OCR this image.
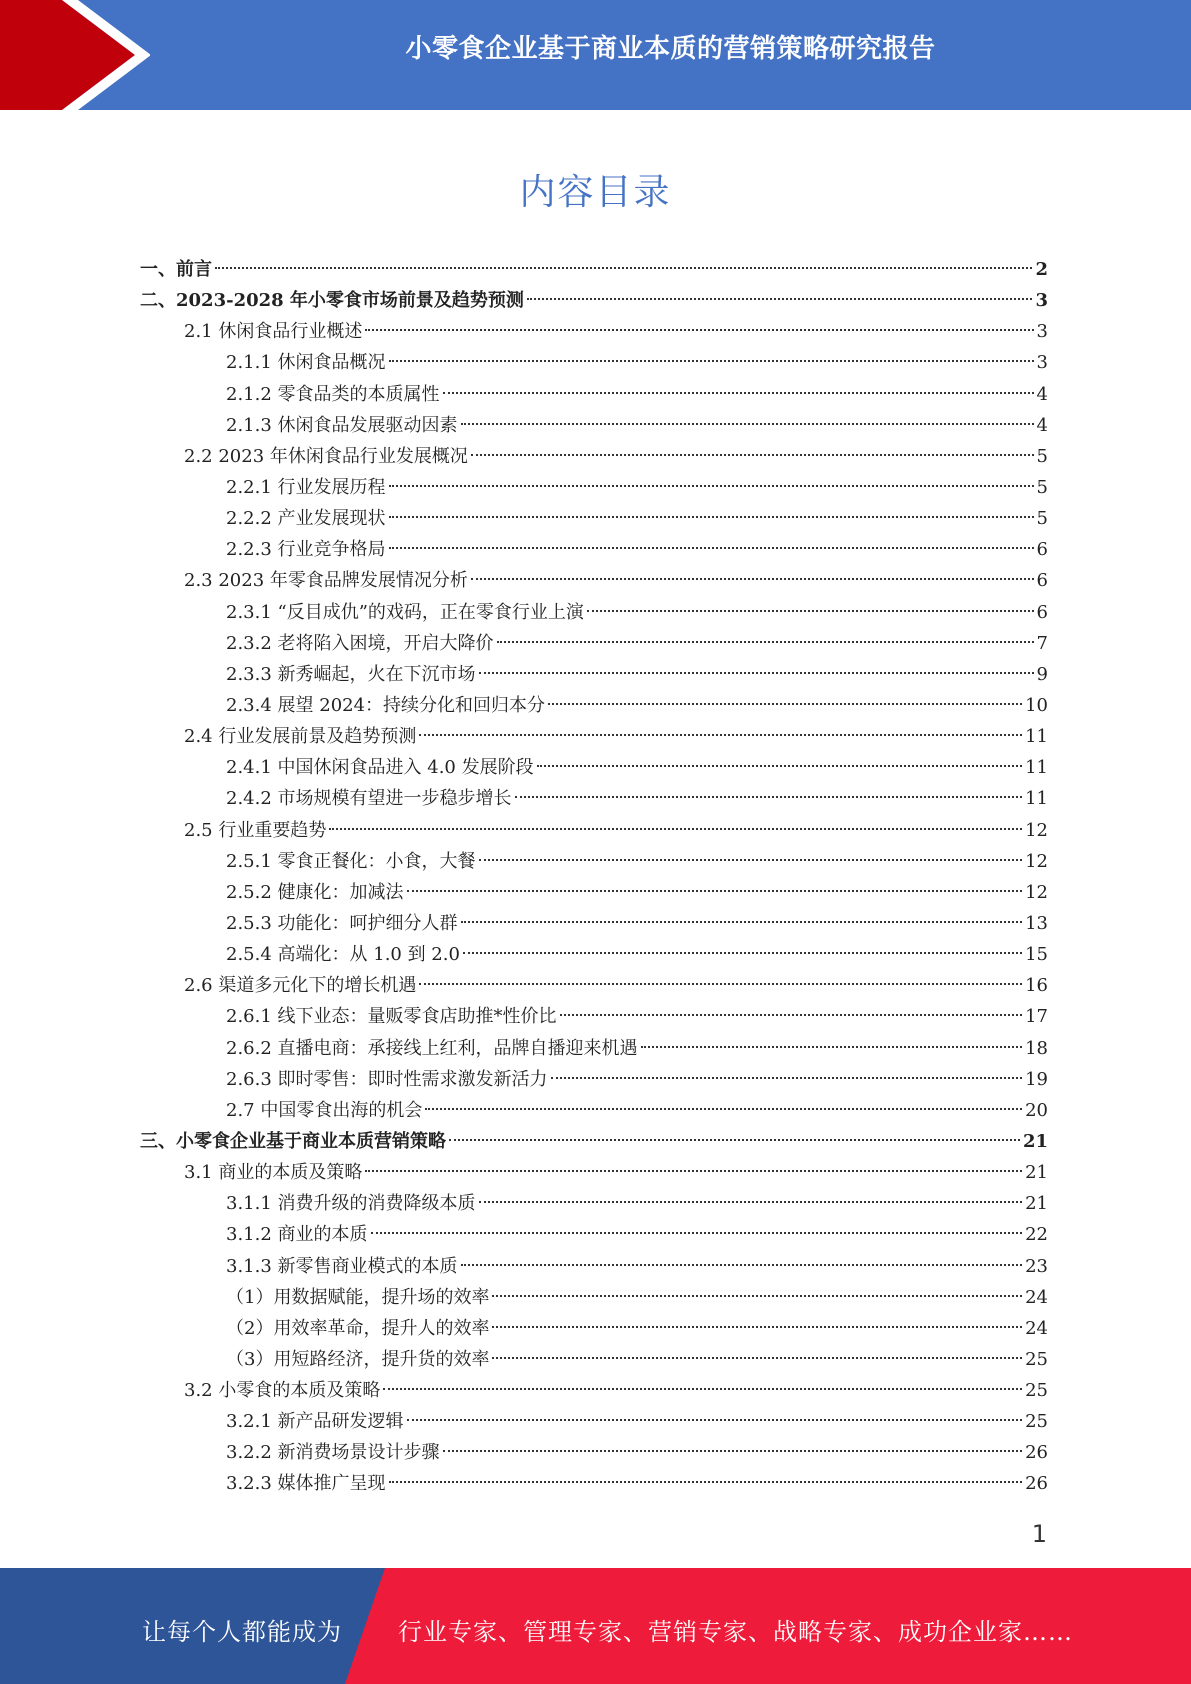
小零食企业基于商业本质的营销策略研究报告
内容目录
一、前言	2
二、2023-2028 年小零食市场前景及趋势预测	3
2.1 休闲食品行业概述	3
2.1.1 休闲食品概况	3
2.1.2 零食品类的本质属性	4
2.1.3 休闲食品发展驱动因素	4
2.2 2023 年休闲食品行业发展概况	5
2.2.1 行业发展历程	5
2.2.2 产业发展现状	5
2.2.3 行业竞争格局	6
2.3 2023 年零食品牌发展情况分析	6
2.3.1 “反目成仇”的戏码，正在零食行业上演	6
2.3.2 老将陷入困境，开启大降价	7
2.3.3 新秀崛起，火在下沉市场	9
2.3.4 展望 2024：持续分化和回归本分	10
2.4 行业发展前景及趋势预测	11
2.4.1 中国休闲食品进入 4.0 发展阶段	11
2.4.2 市场规模有望进一步稳步增长	11
2.5 行业重要趋势	12
2.5.1 零食正餐化：小食，大餐	12
2.5.2 健康化：加减法	12
2.5.3 功能化：呵护细分人群	13
2.5.4 高端化：从 1.0 到 2.0	15
2.6 渠道多元化下的增长机遇	16
2.6.1 线下业态：量贩零食店助推*性价比	17
2.6.2 直播电商：承接线上红利，品牌自播迎来机遇	18
2.6.3 即时零售：即时性需求激发新活力	19
2.7 中国零食出海的机会	20
三、小零食企业基于商业本质营销策略	21
3.1 商业的本质及策略	21
3.1.1 消费升级的消费降级本质	21
3.1.2 商业的本质	22
3.1.3 新零售商业模式的本质	23
（1）用数据赋能，提升场的效率	24
（2）用效率革命，提升人的效率	24
（3）用短路经济，提升货的效率	25
3.2 小零食的本质及策略	25
3.2.1 新产品研发逻辑	25
3.2.2 新消费场景设计步骤	26
3.2.3 媒体推广呈现	26
1
让每个人都能成为 行业专家、管理专家、营销专家、战略专家、成功企业家……
